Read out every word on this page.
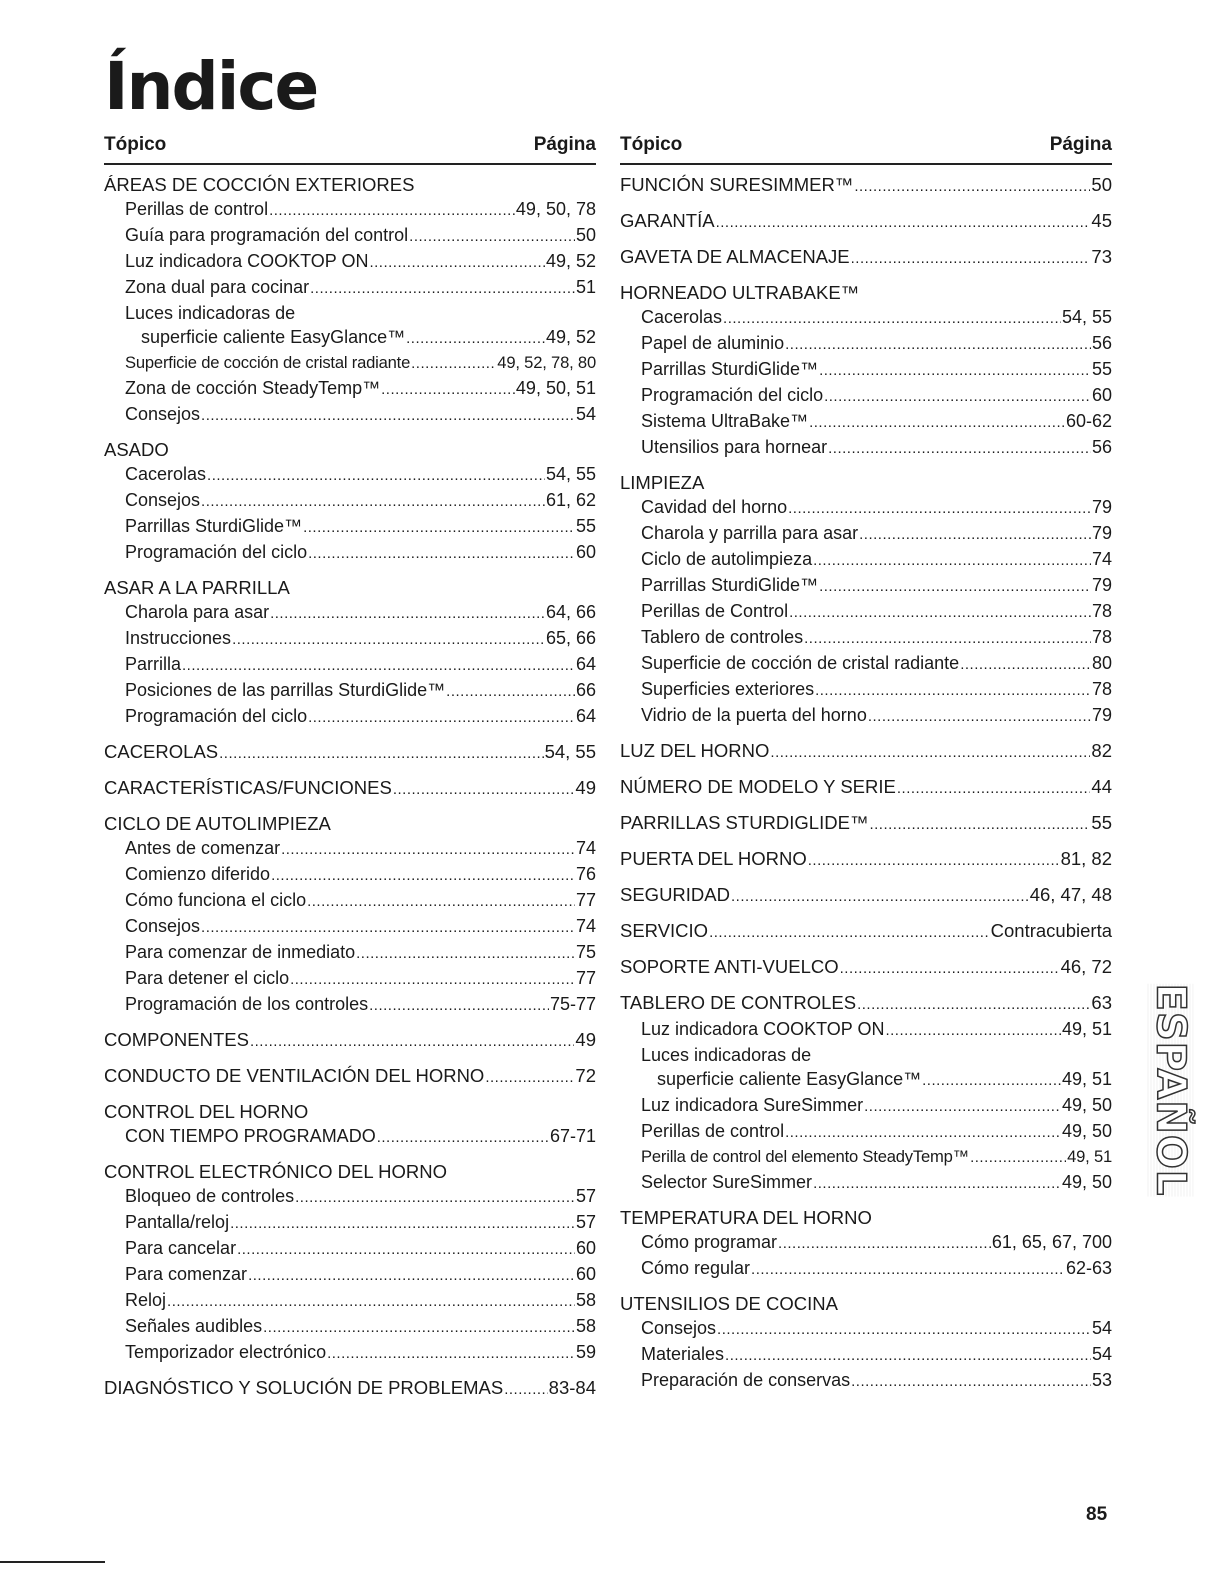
Índice
Tópico	Página
ÁREAS DE COCCIÓN EXTERIORES
Perillas de control .....	49, 50, 78
Guía para programación del control .....	50
Luz indicadora COOKTOP ON .....	49, 52
Zona dual para cocinar .....	51
Luces indicadoras de
superficie caliente EasyGlance™ .....	49, 52
Superficie de cocción de cristal radiante .....	49, 52, 78, 80
Zona de cocción SteadyTemp™ .....	49, 50, 51
Consejos .....	54
ASADO
Cacerolas .....	54, 55
Consejos .....	61, 62
Parrillas SturdiGlide™ .....	55
Programación del ciclo .....	60
ASAR A LA PARRILLA
Charola para asar .....	64, 66
Instrucciones .....	65, 66
Parrilla .....	64
Posiciones de las parrillas SturdiGlide™ .....	66
Programación del ciclo .....	64
CACEROLAS .....	54, 55
CARACTERÍSTICAS/FUNCIONES .....	49
CICLO DE AUTOLIMPIEZA
Antes de comenzar .....	74
Comienzo diferido .....	76
Cómo funciona el ciclo .....	77
Consejos .....	74
Para comenzar de inmediato .....	75
Para detener el ciclo .....	77
Programación de los controles .....	75-77
COMPONENTES .....	49
CONDUCTO DE VENTILACIÓN DEL HORNO .....	72
CONTROL DEL HORNO
CON TIEMPO PROGRAMADO .....	67-71
CONTROL ELECTRÓNICO DEL HORNO
Bloqueo de controles .....	57
Pantalla/reloj .....	57
Para cancelar .....	60
Para comenzar .....	60
Reloj .....	58
Señales audibles .....	58
Temporizador electrónico .....	59
DIAGNÓSTICO Y SOLUCIÓN DE PROBLEMAS ..... 83-84
Tópico	Página
FUNCIÓN SURESIMMER™ .....	50
GARANTÍA .....	45
GAVETA DE ALMACENAJE .....	73
HORNEADO ULTRABAKE™
Cacerolas .....	54, 55
Papel de aluminio .....	56
Parrillas SturdiGlide™ .....	55
Programación del ciclo .....	60
Sistema UltraBake™ .....	60-62
Utensilios para hornear .....	56
LIMPIEZA
Cavidad del horno .....	79
Charola y parrilla para asar .....	79
Ciclo de autolimpieza .....	74
Parrillas SturdiGlide™ .....	79
Perillas de Control .....	78
Tablero de controles .....	78
Superficie de cocción de cristal radiante .....	80
Superficies exteriores .....	78
Vidrio de la puerta del horno .....	79
LUZ DEL HORNO .....	82
NÚMERO DE MODELO Y SERIE .....	44
PARRILLAS STURDIGLIDE™ .....	55
PUERTA DEL HORNO .....	81, 82
SEGURIDAD .....	46, 47, 48
SERVICIO .....	Contracubierta
SOPORTE ANTI-VUELCO .....	46, 72
TABLERO DE CONTROLES .....	63
Luz indicadora COOKTOP ON .....	49, 51
Luces indicadoras de
superficie caliente EasyGlance™ .....	49, 51
Luz indicadora SureSimmer .....	49, 50
Perillas de control .....	49, 50
Perilla de control del elemento SteadyTemp™ .....	49, 51
Selector SureSimmer .....	49, 50
TEMPERATURA DEL HORNO
Cómo programar .....	61, 65, 67, 700
Cómo regular .....	62-63
UTENSILIOS DE COCINA
Consejos .....	54
Materiales .....	54
Preparación de conservas .....	53
ESPAÑOL
85
